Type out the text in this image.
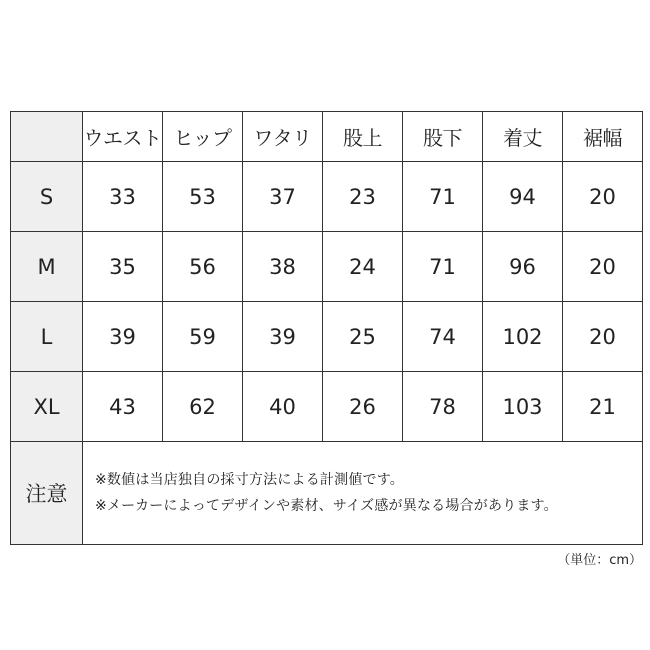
	ウエスト	ヒップ	ワタリ	股上	股下	着丈	裾幅
S	33	53	37	23	71	94	20
M	35	56	38	24	71	96	20
L	39	59	39	25	74	102	20
XL	43	62	40	26	78	103	21
注意	※数値は当店独自の採寸方法による計測値です。
※メーカーによってデザインや素材、サイズ感が異なる場合があります。						
（単位：cm）
